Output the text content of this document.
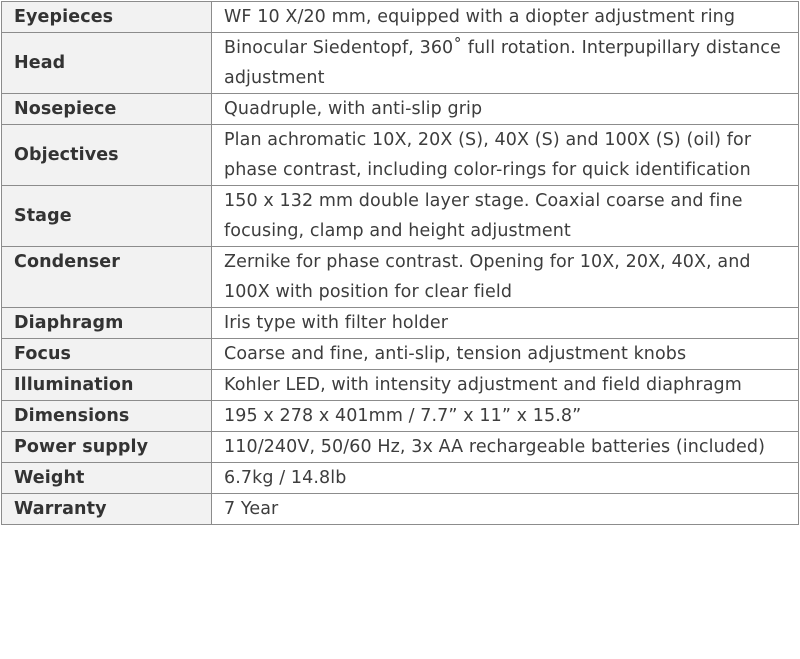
Eyepieces	WF 10 X/20 mm, equipped with a diopter adjustment ring
Head	Binocular Siedentopf, 360˚ full rotation. Interpupillary distance adjustment
Nosepiece	Quadruple, with anti-slip grip
Objectives	Plan achromatic 10X, 20X (S), 40X (S) and 100X (S) (oil) for phase contrast, including color-rings for quick identification
Stage	150 x 132 mm double layer stage. Coaxial coarse and fine focusing, clamp and height adjustment
Condenser	Zernike for phase contrast. Opening for 10X, 20X, 40X, and 100X with position for clear field
Diaphragm	Iris type with filter holder
Focus	Coarse and fine, anti-slip, tension adjustment knobs
Illumination	Kohler LED, with intensity adjustment and field diaphragm
Dimensions	195 x 278 x 401mm / 7.7” x 11” x 15.8”
Power supply	110/240V, 50/60 Hz, 3x AA rechargeable batteries (included)
Weight	6.7kg / 14.8lb
Warranty	7 Year
